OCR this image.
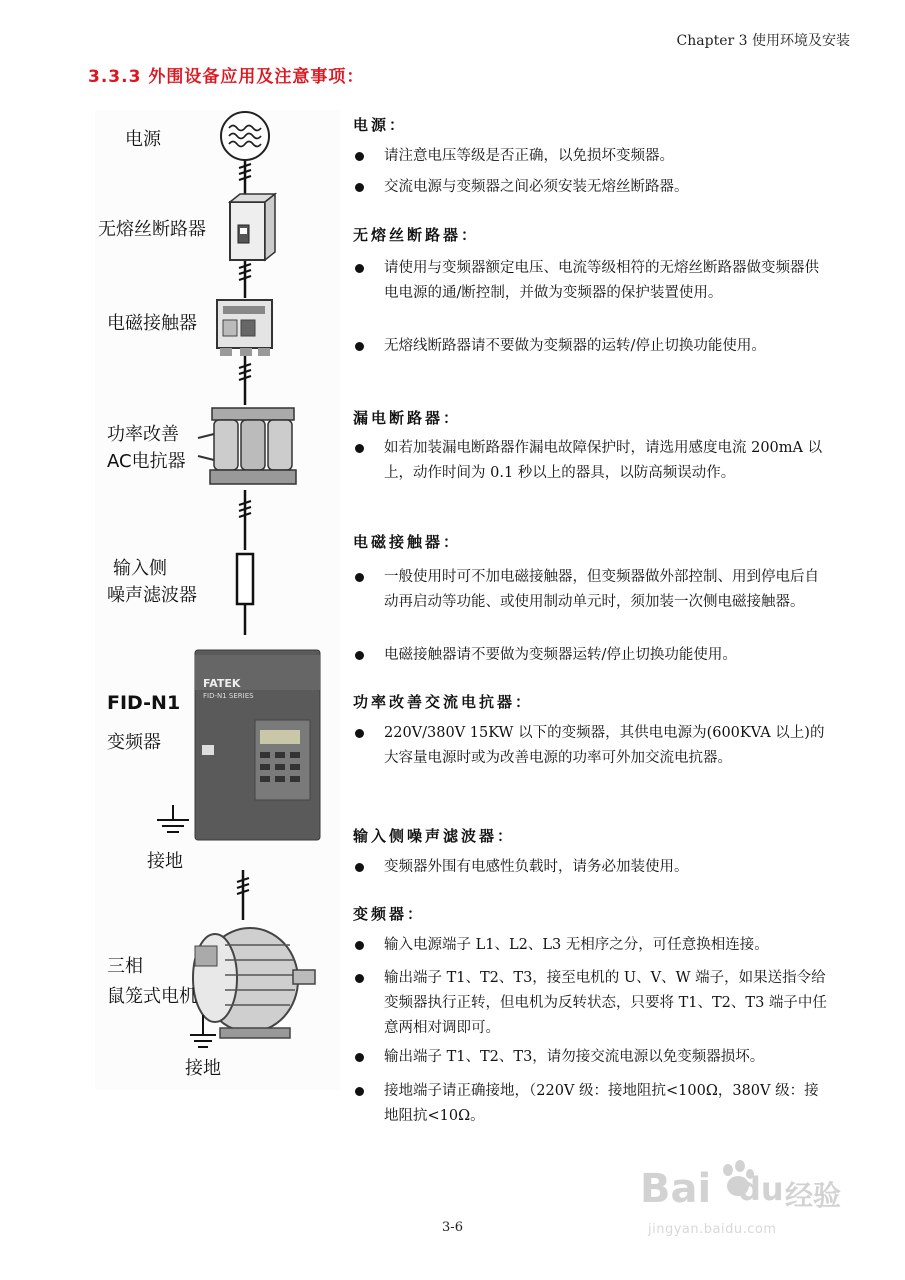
Chapter 3 使用环境及安装
3.3.3 外围设备应用及注意事项：
电源
无熔丝断路器
电磁接触器
功率改善
AC电抗器
输入侧
噪声滤波器
FID-N1
变频器
接地
三相
鼠笼式电机
接地
FATEK
FID-N1 SERIES
电源：
请注意电压等级是否正确，以免损坏变频器。
交流电源与变频器之间必须安装无熔丝断路器。
无熔丝断路器：
请使用与变频器额定电压、电流等级相符的无熔丝断路器做变频器供电电源的通/断控制，并做为变频器的保护装置使用。
无熔线断路器请不要做为变频器的运转/停止切换功能使用。
漏电断路器：
如若加装漏电断路器作漏电故障保护时，请选用感度电流 200mA 以上，动作时间为 0.1 秒以上的器具，以防高频误动作。
电磁接触器：
一般使用时可不加电磁接触器，但变频器做外部控制、用到停电后自动再启动等功能、或使用制动单元时，须加装一次侧电磁接触器。
电磁接触器请不要做为变频器运转/停止切换功能使用。
功率改善交流电抗器：
220V/380V 15KW 以下的变频器，其供电电源为(600KVA 以上)的大容量电源时或为改善电源的功率可外加交流电抗器。
输入侧噪声滤波器：
变频器外围有电感性负载时，请务必加装使用。
变频器：
输入电源端子 L1、L2、L3 无相序之分，可任意换相连接。
输出端子 T1、T2、T3，接至电机的 U、V、W 端子，如果送指令给变频器执行正转，但电机为反转状态，只要将 T1、T2、T3 端子中任意两相对调即可。
输出端子 T1、T2、T3，请勿接交流电源以免变频器损坏。
接地端子请正确接地，（220V 级：接地阻抗<100Ω，380V 级：接地阻抗<10Ω。
3-6
Bai du 经验
jingyan.baidu.com
